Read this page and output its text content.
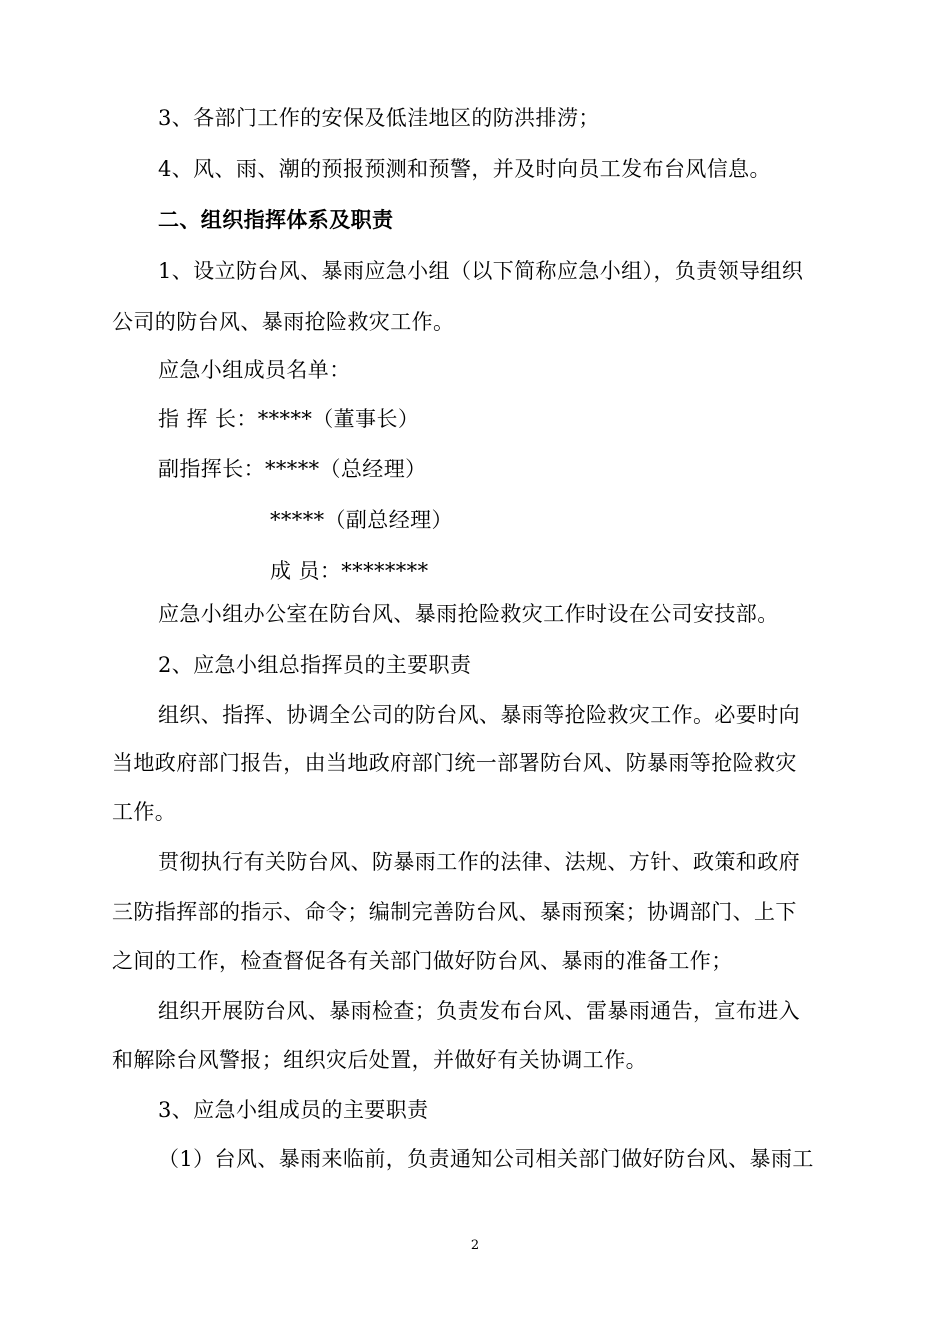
3、各部门工作的安保及低洼地区的防洪排涝；
4、风、雨、潮的预报预测和预警，并及时向员工发布台风信息。
二、组织指挥体系及职责
1、设立防台风、暴雨应急小组（以下简称应急小组），负责领导组织
公司的防台风、暴雨抢险救灾工作。
应急小组成员名单：
指 挥 长：*****（董事长）
副指挥长：*****（总经理）
*****（副总经理）
成 员：********
应急小组办公室在防台风、暴雨抢险救灾工作时设在公司安技部。
2、应急小组总指挥员的主要职责
组织、指挥、协调全公司的防台风、暴雨等抢险救灾工作。必要时向
当地政府部门报告，由当地政府部门统一部署防台风、防暴雨等抢险救灾
工作。
贯彻执行有关防台风、防暴雨工作的法律、法规、方针、政策和政府
三防指挥部的指示、命令；编制完善防台风、暴雨预案；协调部门、上下
之间的工作，检查督促各有关部门做好防台风、暴雨的准备工作；
组织开展防台风、暴雨检查；负责发布台风、雷暴雨通告，宣布进入
和解除台风警报；组织灾后处置，并做好有关协调工作。
3、应急小组成员的主要职责
（1）台风、暴雨来临前，负责通知公司相关部门做好防台风、暴雨工
2
